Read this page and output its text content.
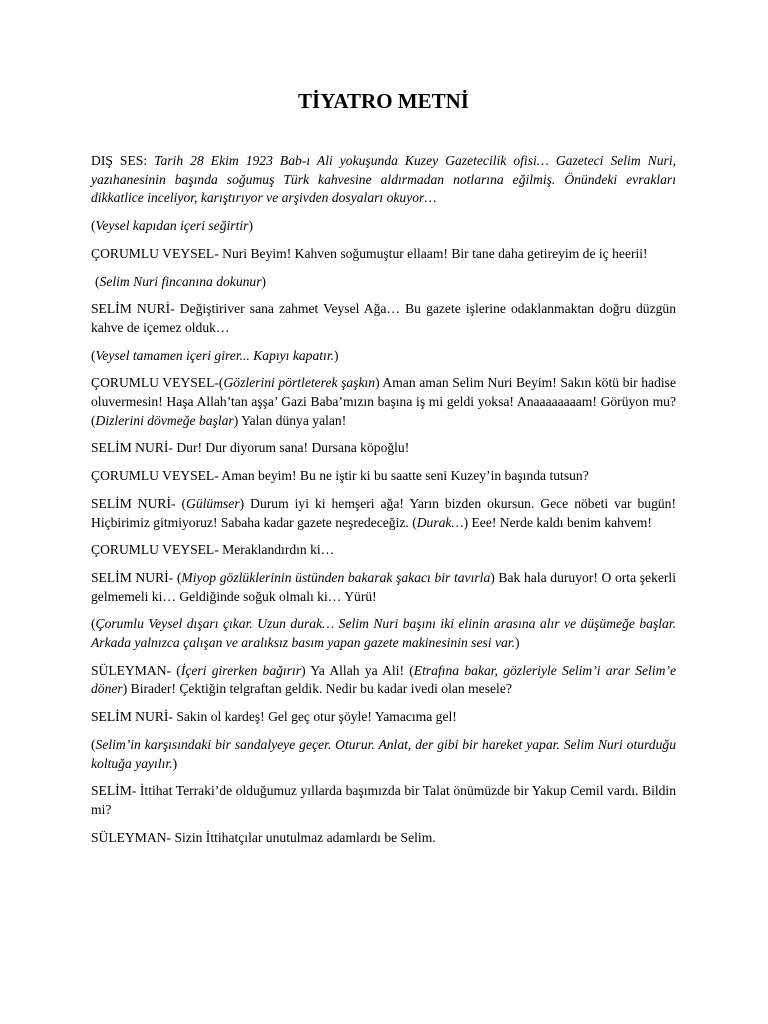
TİYATRO METNİ

DIŞ SES: Tarih 28 Ekim 1923 Bab-ı Ali yokuşunda Kuzey Gazetecilik ofisi… Gazeteci Selim Nuri, yazıhanesinin başında soğumuş Türk kahvesine aldırmadan notlarına eğilmiş. Önündeki evrakları dikkatlice inceliyor, karıştırıyor ve arşivden dosyaları okuyor…

(Veysel kapıdan içeri seğirtir)

ÇORUMLU VEYSEL- Nuri Beyim! Kahven soğumuştur ellaam! Bir tane daha getireyim de iç heerii!

(Selim Nuri fincanına dokunur)

SELİM NURİ- Değiştiriver sana zahmet Veysel Ağa… Bu gazete işlerine odaklanmaktan doğru düzgün kahve de içemez olduk…

(Veysel tamamen içeri girer... Kapıyı kapatır.)

ÇORUMLU VEYSEL-(Gözlerini pörtleterek şaşkın) Aman aman Selim Nuri Beyim! Sakın kötü bir hadise oluvermesin! Haşa Allah’tan aşşa’ Gazi Baba’mızın başına iş mi geldi yoksa! Anaaaaaaaam! Görüyon mu? (Dizlerini dövmeğe başlar) Yalan dünya yalan!

SELİM NURİ- Dur! Dur diyorum sana! Dursana köpoğlu!

ÇORUMLU VEYSEL- Aman beyim! Bu ne iştir ki bu saatte seni Kuzey’in başında tutsun?

SELİM NURİ- (Gülümser) Durum iyi ki hemşeri ağa! Yarın bizden okursun. Gece nöbeti var bugün! Hiçbirimiz gitmiyoruz! Sabaha kadar gazete neşredeceğiz. (Durak…) Eee! Nerde kaldı benim kahvem!

ÇORUMLU VEYSEL- Meraklandırdın ki…

SELİM NURİ- (Miyop gözlüklerinin üstünden bakarak şakacı bir tavırla) Bak hala duruyor! O orta şekerli gelmemeli ki… Geldiğinde soğuk olmalı ki… Yürü!

(Çorumlu Veysel dışarı çıkar. Uzun durak… Selim Nuri başını iki elinin arasına alır ve düşümeğe başlar. Arkada yalnızca çalışan ve aralıksız basım yapan gazete makinesinin sesi var.)

SÜLEYMAN- (İçeri girerken bağırır) Ya Allah ya Ali! (Etrafına bakar, gözleriyle Selim’i arar Selim’e döner) Birader! Çektiğin telgraftan geldik. Nedir bu kadar ivedi olan mesele?

SELİM NURİ- Sakin ol kardeş! Gel geç otur şöyle! Yamacıma gel!

(Selim’in karşısındaki bir sandalyeye geçer. Oturur. Anlat, der gibi bir hareket yapar. Selim Nuri oturduğu koltuğa yayılır.)

SELİM- İttihat Terraki’de olduğumuz yıllarda başımızda bir Talat önümüzde bir Yakup Cemil vardı. Bildin mi?

SÜLEYMAN- Sizin İttihatçılar unutulmaz adamlardı be Selim.
